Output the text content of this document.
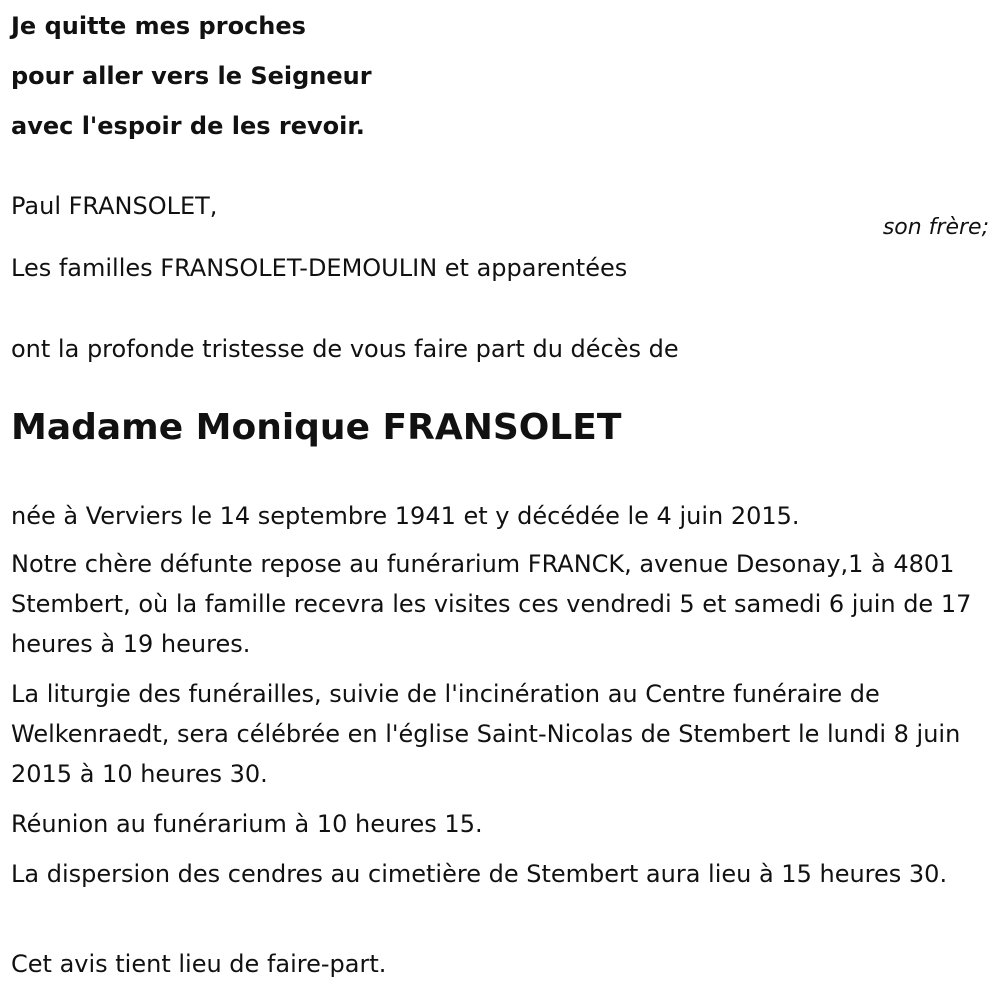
Je quitte mes proches
pour aller vers le Seigneur
avec l'espoir de les revoir.
Paul FRANSOLET,
son frère;
Les familles FRANSOLET-DEMOULIN et apparentées
ont la profonde tristesse de vous faire part du décès de
Madame Monique FRANSOLET
née à Verviers le 14 septembre 1941 et y décédée le 4 juin 2015.
Notre chère défunte repose au funérarium FRANCK, avenue Desonay,1 à 4801 Stembert, où la famille recevra les visites ces vendredi 5 et samedi 6 juin de 17 heures à 19 heures.
La liturgie des funérailles, suivie de l'incinération au Centre funéraire de Welkenraedt, sera célébrée en l'église Saint-Nicolas de Stembert le lundi 8 juin 2015 à 10 heures 30.
Réunion au funérarium à 10 heures 15.
La dispersion des cendres au cimetière de Stembert aura lieu à 15 heures 30.
Cet avis tient lieu de faire-part.
